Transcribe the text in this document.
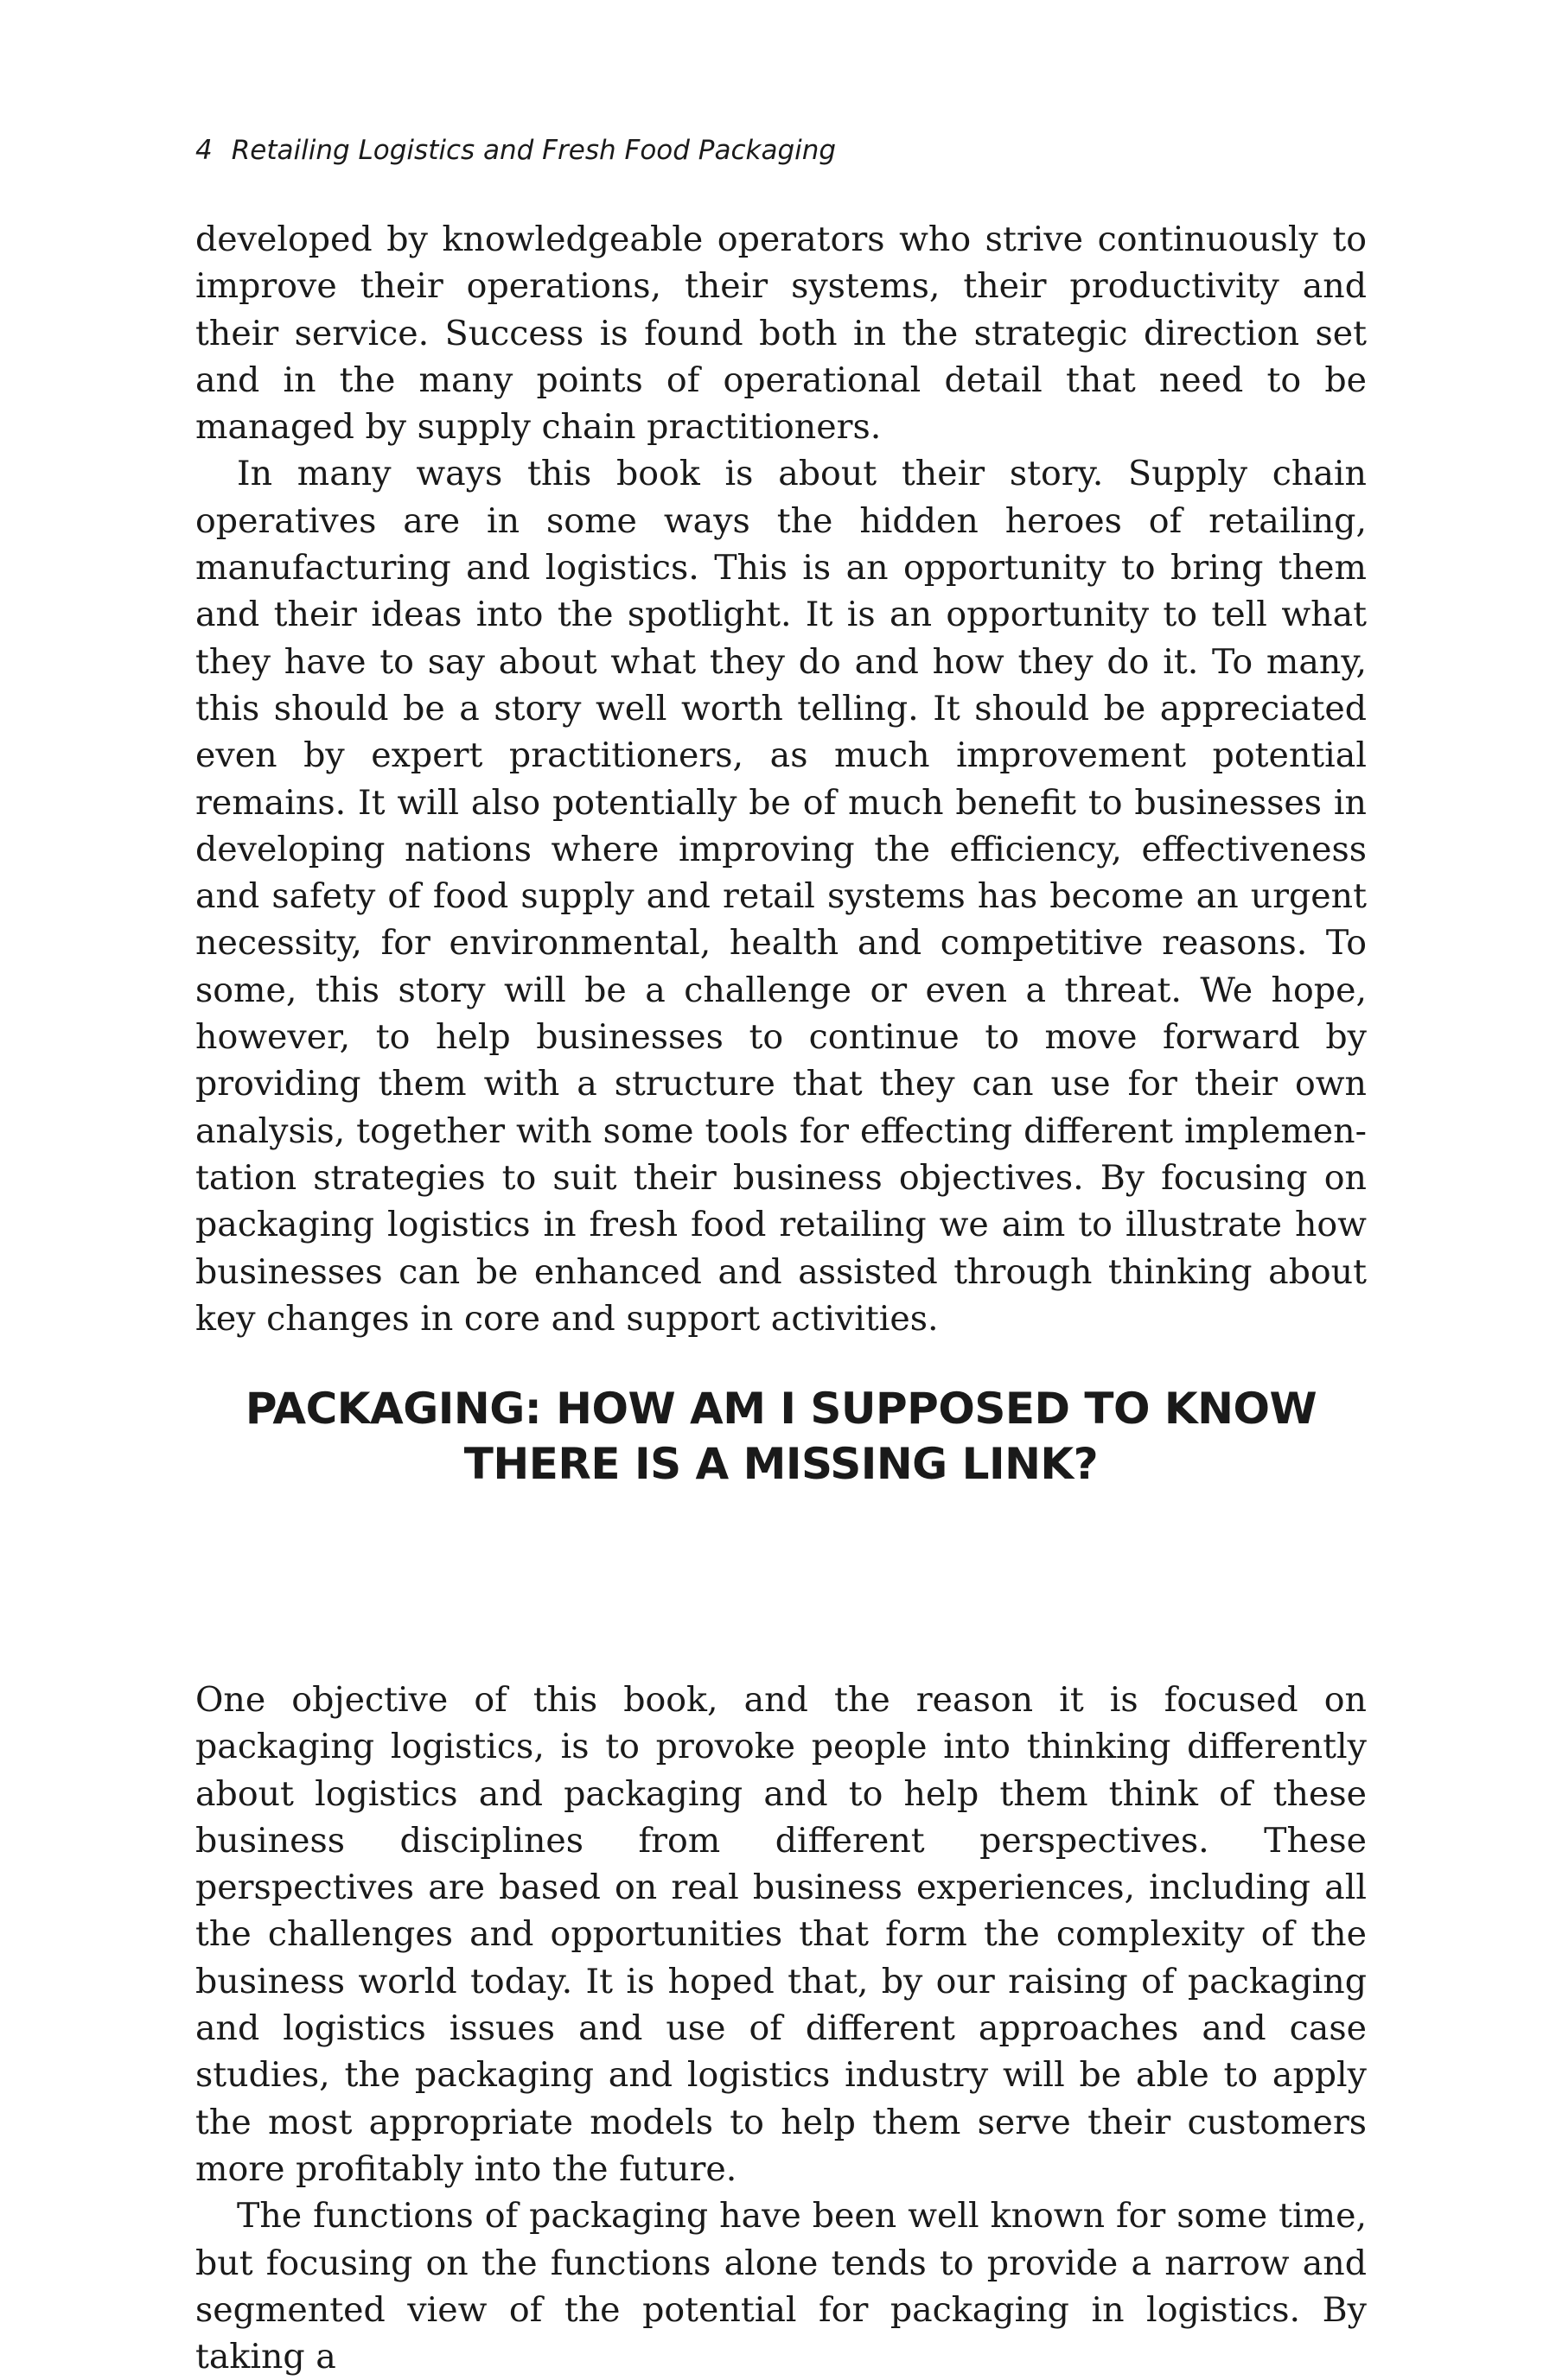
4 Retailing Logistics and Fresh Food Packaging

developed by knowledgeable operators who strive continuously to improve their operations, their systems, their productivity and their service. Success is found both in the strategic direction set and in the many points of operational detail that need to be managed by supply chain practitioners.

In many ways this book is about their story. Supply chain operatives are in some ways the hidden heroes of retailing, manufacturing and logistics. This is an opportunity to bring them and their ideas into the spotlight. It is an opportunity to tell what they have to say about what they do and how they do it. To many, this should be a story well worth telling. It should be appreciated even by expert practitioners, as much improvement potential remains. It will also potentially be of much benefit to businesses in developing nations where improving the efficiency, effectiveness and safety of food supply and retail systems has become an urgent necessity, for environmental, health and competitive reasons. To some, this story will be a challenge or even a threat. We hope, however, to help businesses to continue to move forward by providing them with a structure that they can use for their own analysis, together with some tools for effecting different implementation strategies to suit their business objectives. By focusing on packaging logistics in fresh food retailing we aim to illustrate how businesses can be enhanced and assisted through thinking about key changes in core and support activities.

PACKAGING: HOW AM I SUPPOSED TO KNOW
THERE IS A MISSING LINK?

One objective of this book, and the reason it is focused on packaging logistics, is to provoke people into thinking differently about logistics and packaging and to help them think of these business disciplines from different perspectives. These perspectives are based on real business experiences, including all the challenges and opportunities that form the complexity of the business world today. It is hoped that, by our raising of packaging and logistics issues and use of different approaches and case studies, the packaging and logistics industry will be able to apply the most appropriate models to help them serve their customers more profitably into the future.

The functions of packaging have been well known for some time, but focusing on the functions alone tends to provide a narrow and segmented view of the potential for packaging in logistics. By taking a
